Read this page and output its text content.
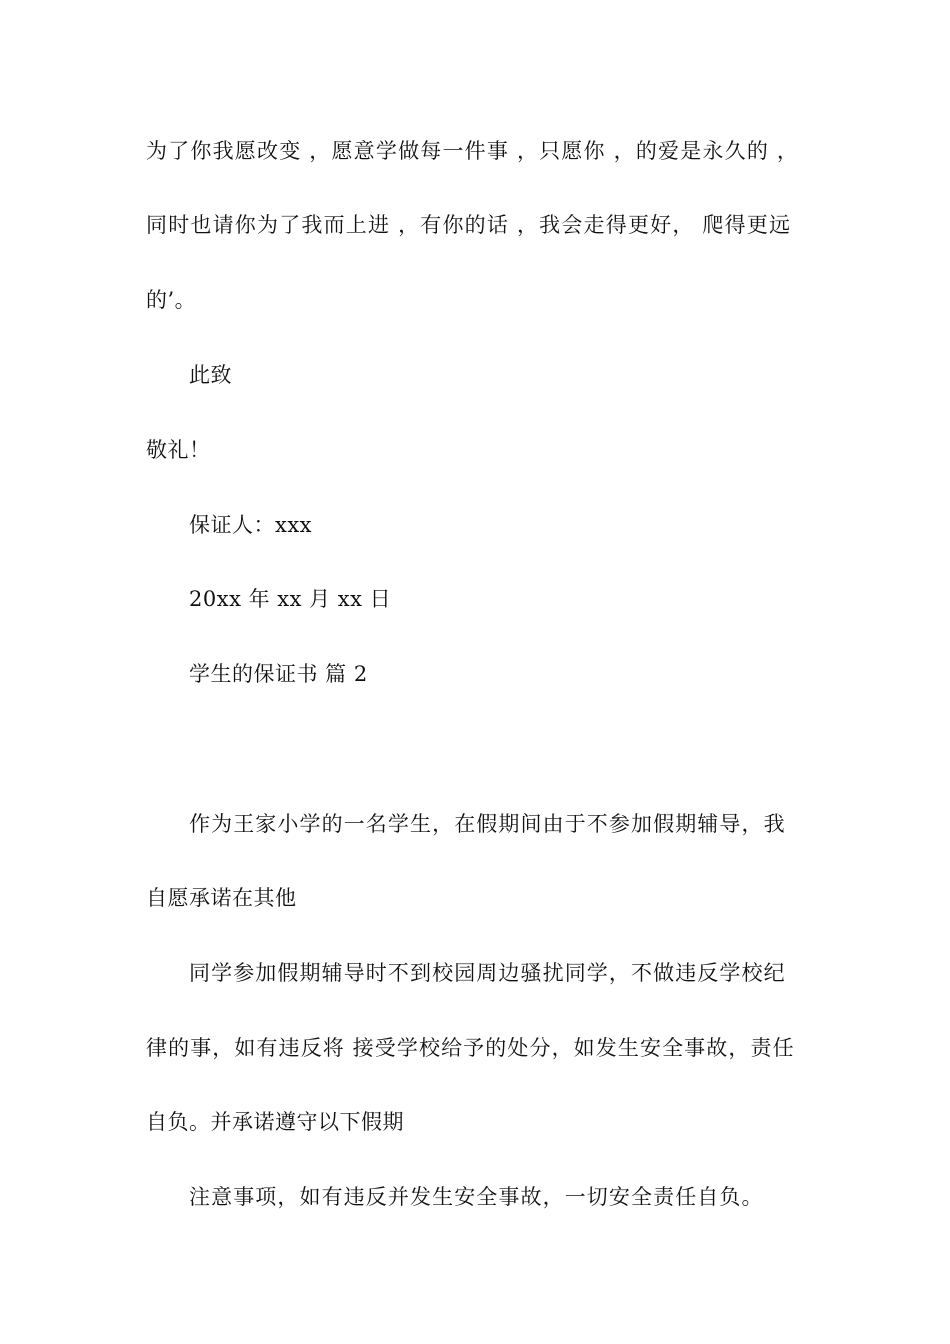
为了你我愿改变 ，愿意学做每一件事 ，只愿你 ，的爱是永久的 ，
同时也请你为了我而上进 ，有你的话 ，我会走得更好， 爬得更远
的’。
此致
敬礼！
保证人：xxx
20xx 年 xx 月 xx 日
学生的保证书 篇 2
作为王家小学的一名学生，在假期间由于不参加假期辅导，我
自愿承诺在其他
同学参加假期辅导时不到校园周边骚扰同学，不做违反学校纪
律的事，如有违反将 接受学校给予的处分，如发生安全事故，责任
自负。并承诺遵守以下假期
注意事项，如有违反并发生安全事故，一切安全责任自负。
